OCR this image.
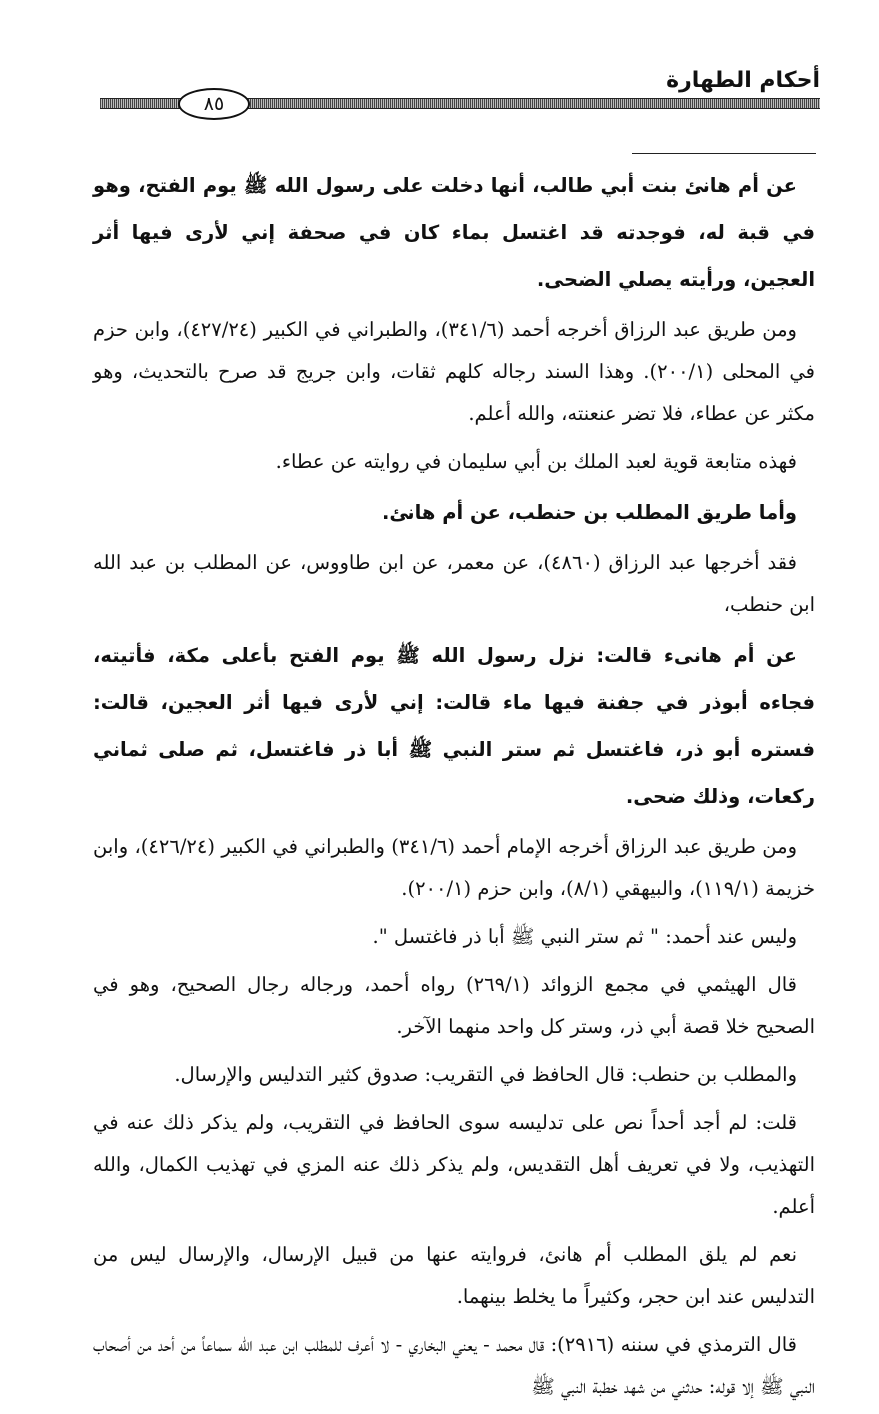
أحكام الطهارة
٨٥

عن أم هانئ بنت أبي طالب، أنها دخلت على رسول الله ﷺ يوم الفتح، وهو في قبة له، فوجدته قد اغتسل بماء كان في صحفة إني لأرى فيها أثر العجين، ورأيته يصلي الضحى.

ومن طريق عبد الرزاق أخرجه أحمد (٣٤١/٦)، والطبراني في الكبير (٤٢٧/٢٤)، وابن حزم في المحلى (٢٠٠/١). وهذا السند رجاله كلهم ثقات، وابن جريج قد صرح بالتحديث، وهو مكثر عن عطاء، فلا تضر عنعنته، والله أعلم.

فهذه متابعة قوية لعبد الملك بن أبي سليمان في روايته عن عطاء.

وأما طريق المطلب بن حنطب، عن أم هانئ.

فقد أخرجها عبد الرزاق (٤٨٦٠)، عن معمر، عن ابن طاووس، عن المطلب بن عبد الله ابن حنطب،

عن أم هانىء قالت: نزل رسول الله ﷺ يوم الفتح بأعلى مكة، فأتيته، فجاءه أبوذر في جفنة فيها ماء قالت: إني لأرى فيها أثر العجين، قالت: فستره أبو ذر، فاغتسل ثم ستر النبي ﷺ أبا ذر فاغتسل، ثم صلى ثماني ركعات، وذلك ضحى.

ومن طريق عبد الرزاق أخرجه الإمام أحمد (٣٤١/٦) والطبراني في الكبير (٤٢٦/٢٤)، وابن خزيمة (١١٩/١)، والبيهقي (٨/١)، وابن حزم (٢٠٠/١).

وليس عند أحمد: " ثم ستر النبي ﷺ أبا ذر فاغتسل ".

قال الهيثمي في مجمع الزوائد (٢٦٩/١) رواه أحمد، ورجاله رجال الصحيح، وهو في الصحيح خلا قصة أبي ذر، وستر كل واحد منهما الآخر.

والمطلب بن حنطب: قال الحافظ في التقريب: صدوق كثير التدليس والإرسال.

قلت: لم أجد أحداً نص على تدليسه سوى الحافظ في التقريب، ولم يذكر ذلك عنه في التهذيب، ولا في تعريف أهل التقديس، ولم يذكر ذلك عنه المزي في تهذيب الكمال، والله أعلم.

نعم لم يلق المطلب أم هانئ، فروايته عنها من قبيل الإرسال، والإرسال ليس من التدليس عند ابن حجر، وكثيراً ما يخلط بينهما.

قال الترمذي في سننه (٢٩١٦): قال محمد - يعني البخاري - لا أعرف للمطلب ابن عبد الله سماعاً من أحد من أصحاب النبي ﷺ إلا قوله: حدثني من شهد خطبة النبي ﷺ
